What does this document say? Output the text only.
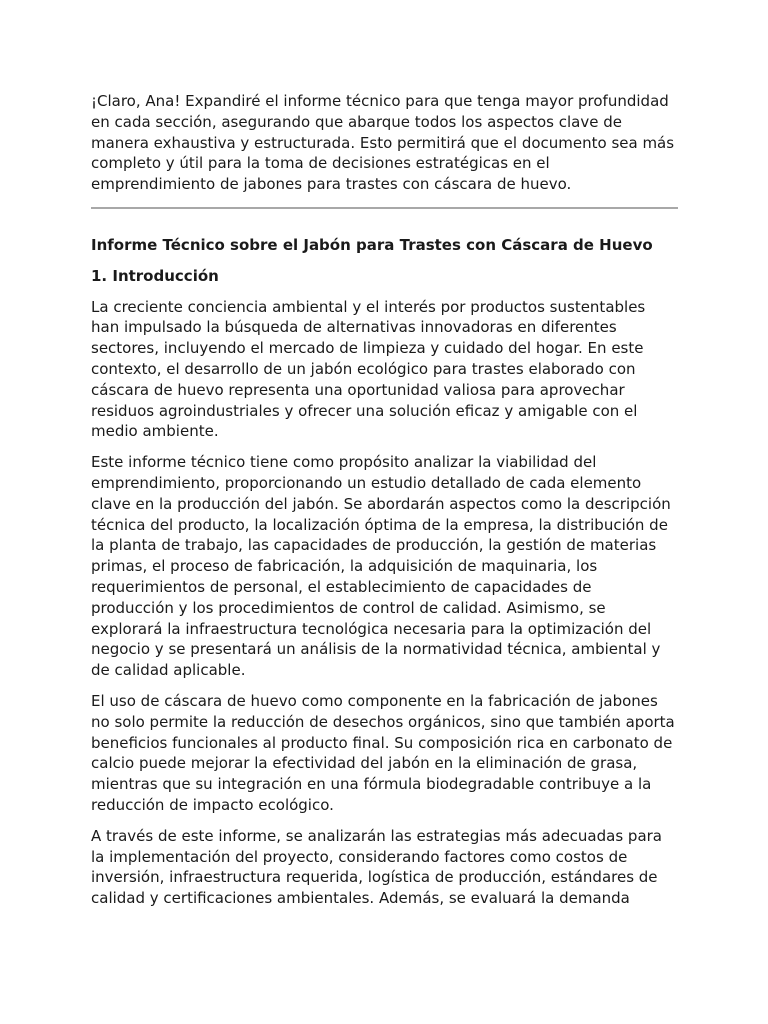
¡Claro, Ana! Expandiré el informe técnico para que tenga mayor profundidad en cada sección, asegurando que abarque todos los aspectos clave de manera exhaustiva y estructurada. Esto permitirá que el documento sea más completo y útil para la toma de decisiones estratégicas en el emprendimiento de jabones para trastes con cáscara de huevo.

Informe Técnico sobre el Jabón para Trastes con Cáscara de Huevo
1. Introducción

La creciente conciencia ambiental y el interés por productos sustentables han impulsado la búsqueda de alternativas innovadoras en diferentes sectores, incluyendo el mercado de limpieza y cuidado del hogar. En este contexto, el desarrollo de un jabón ecológico para trastes elaborado con cáscara de huevo representa una oportunidad valiosa para aprovechar residuos agroindustriales y ofrecer una solución eficaz y amigable con el medio ambiente.

Este informe técnico tiene como propósito analizar la viabilidad del emprendimiento, proporcionando un estudio detallado de cada elemento clave en la producción del jabón. Se abordarán aspectos como la descripción técnica del producto, la localización óptima de la empresa, la distribución de la planta de trabajo, las capacidades de producción, la gestión de materias primas, el proceso de fabricación, la adquisición de maquinaria, los requerimientos de personal, el establecimiento de capacidades de producción y los procedimientos de control de calidad. Asimismo, se explorará la infraestructura tecnológica necesaria para la optimización del negocio y se presentará un análisis de la normatividad técnica, ambiental y de calidad aplicable.

El uso de cáscara de huevo como componente en la fabricación de jabones no solo permite la reducción de desechos orgánicos, sino que también aporta beneficios funcionales al producto final. Su composición rica en carbonato de calcio puede mejorar la efectividad del jabón en la eliminación de grasa, mientras que su integración en una fórmula biodegradable contribuye a la reducción de impacto ecológico.

A través de este informe, se analizarán las estrategias más adecuadas para la implementación del proyecto, considerando factores como costos de inversión, infraestructura requerida, logística de producción, estándares de calidad y certificaciones ambientales. Además, se evaluará la demanda
